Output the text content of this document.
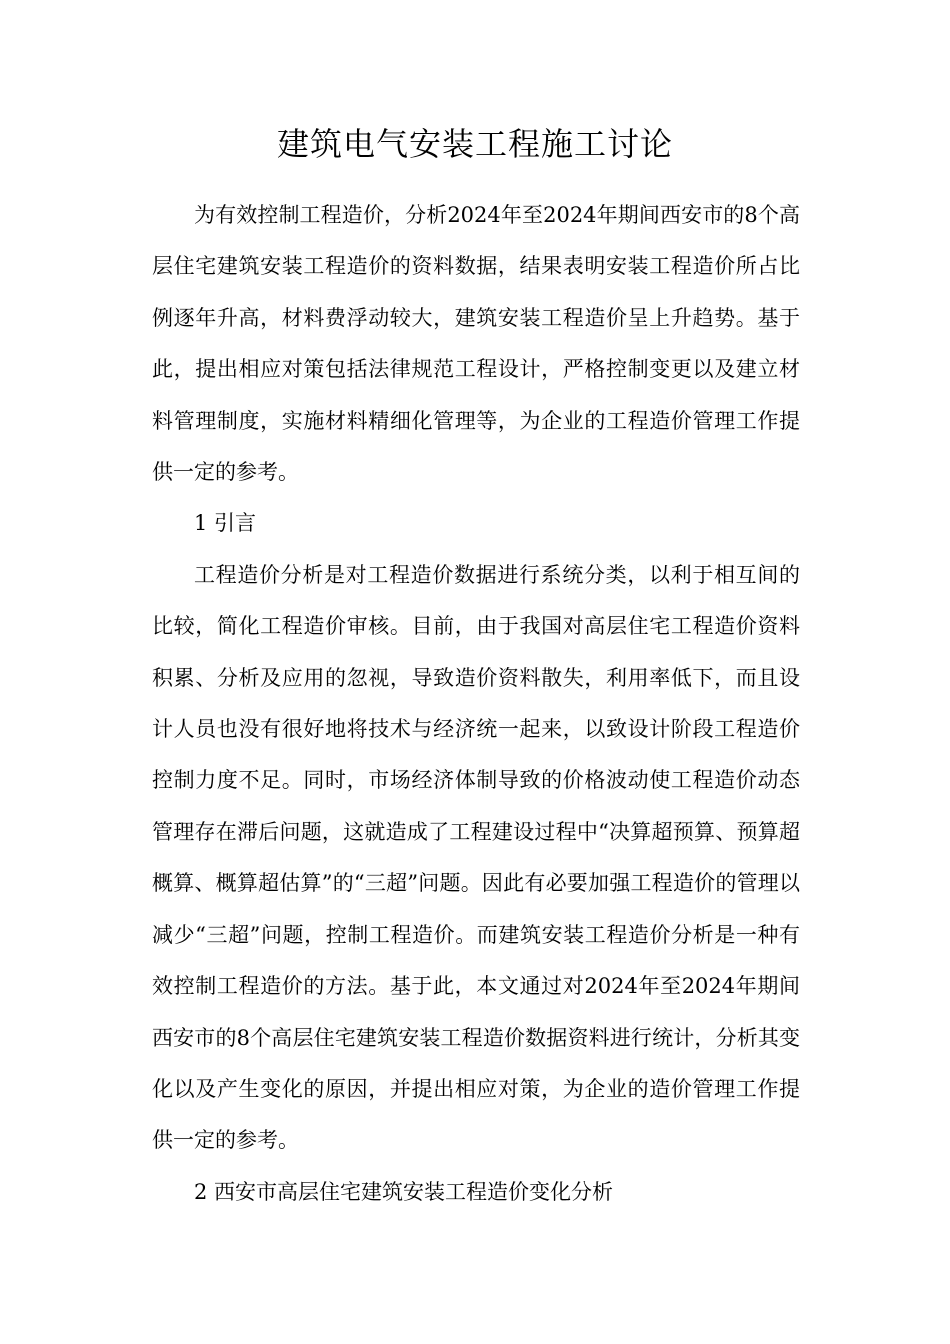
建筑电气安装工程施工讨论

为有效控制工程造价，分析2024年至2024年期间西安市的8个高层住宅建筑安装工程造价的资料数据，结果表明安装工程造价所占比例逐年升高，材料费浮动较大，建筑安装工程造价呈上升趋势。基于此，提出相应对策包括法律规范工程设计，严格控制变更以及建立材料管理制度，实施材料精细化管理等，为企业的工程造价管理工作提供一定的参考。

1 引言

工程造价分析是对工程造价数据进行系统分类，以利于相互间的比较，简化工程造价审核。目前，由于我国对高层住宅工程造价资料积累、分析及应用的忽视，导致造价资料散失，利用率低下，而且设计人员也没有很好地将技术与经济统一起来，以致设计阶段工程造价控制力度不足。同时，市场经济体制导致的价格波动使工程造价动态管理存在滞后问题，这就造成了工程建设过程中“决算超预算、预算超概算、概算超估算”的“三超”问题。因此有必要加强工程造价的管理以减少“三超”问题，控制工程造价。而建筑安装工程造价分析是一种有效控制工程造价的方法。基于此，本文通过对2024年至2024年期间西安市的8个高层住宅建筑安装工程造价数据资料进行统计，分析其变化以及产生变化的原因，并提出相应对策，为企业的造价管理工作提供一定的参考。

2 西安市高层住宅建筑安装工程造价变化分析
